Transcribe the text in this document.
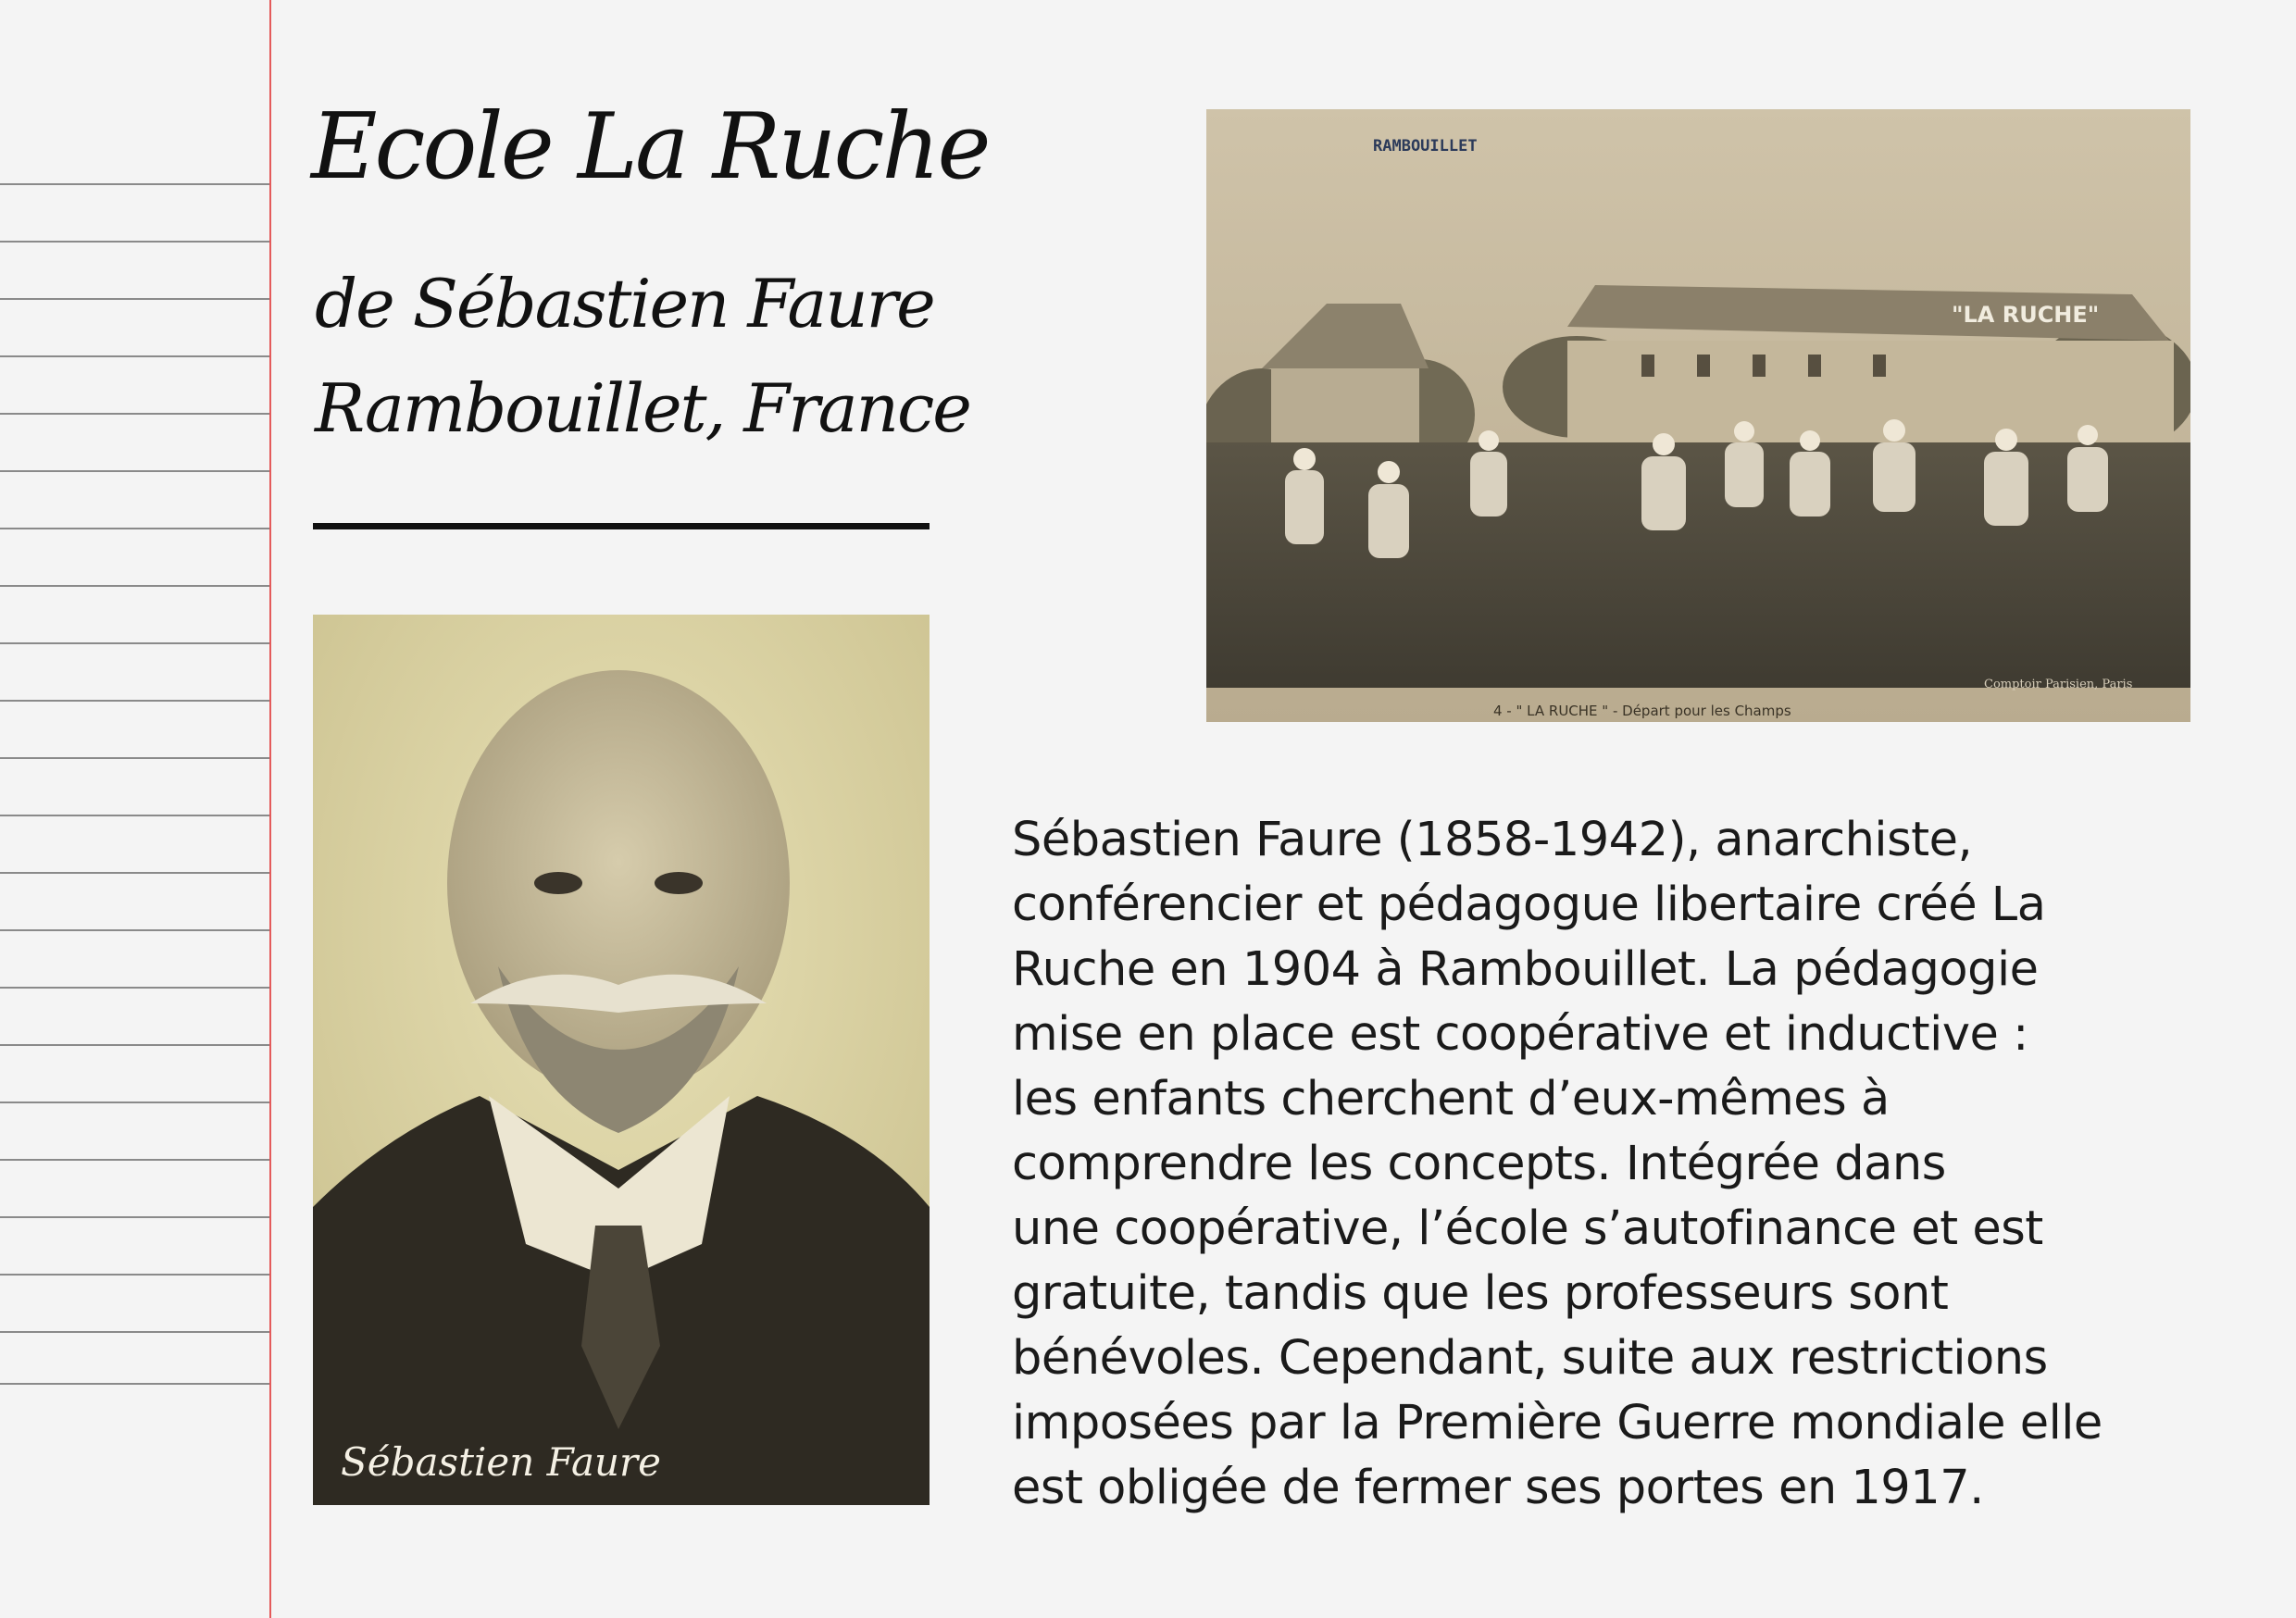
Ecole La Ruche
de Sébastien Faure
Rambouillet, France
"LA RUCHE"
RAMBOUILLET
4 - " LA RUCHE " - Départ pour les Champs
Comptoir Parisien, Paris
Sébastien Faure

Sébastien Faure (1858-1942), anarchiste,
conférencier et pédagogue libertaire créé La
Ruche en 1904 à Rambouillet. La pédagogie
mise en place est coopérative et inductive :
les enfants cherchent d’eux-mêmes à
comprendre les concepts. Intégrée dans
une coopérative, l’école s’autofinance et est
gratuite, tandis que les professeurs sont
bénévoles. Cependant, suite aux restrictions
imposées par la Première Guerre mondiale elle
est obligée de fermer ses portes en 1917.
